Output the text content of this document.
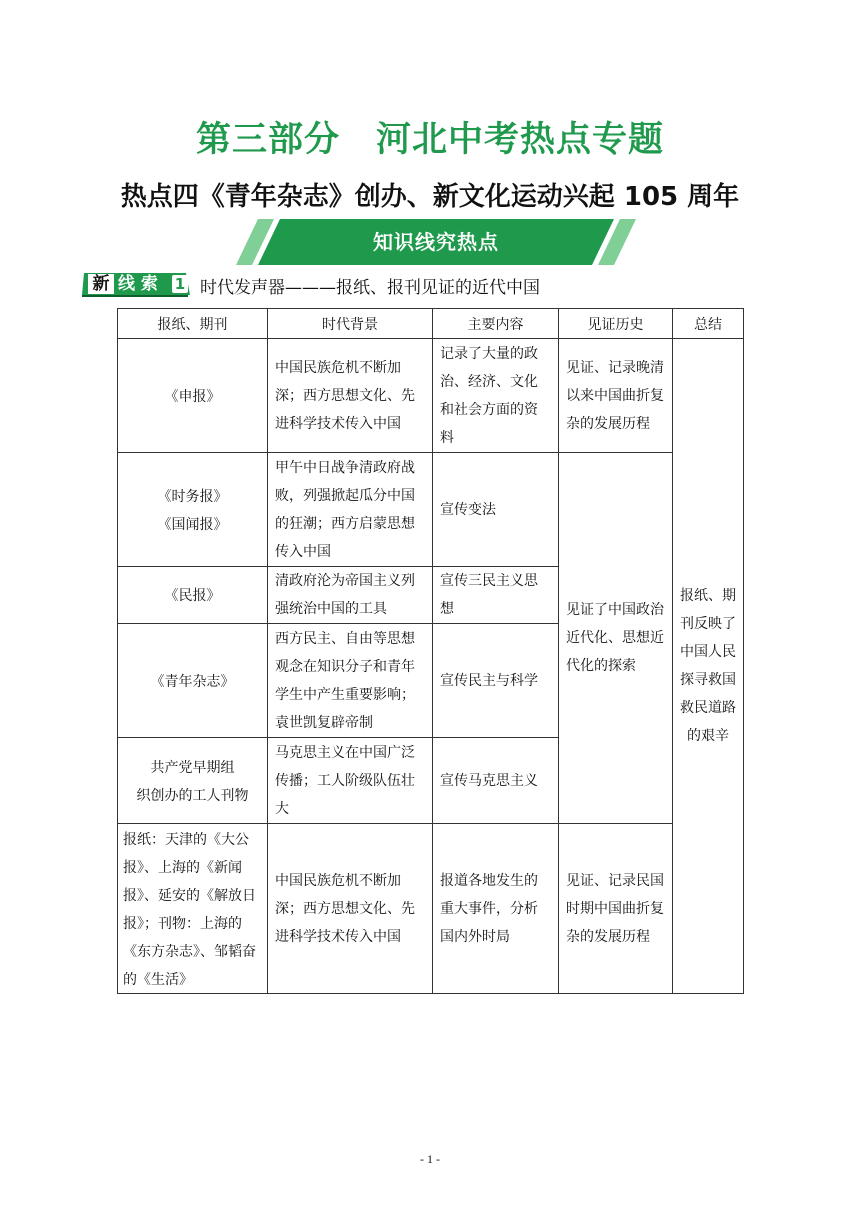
第三部分　河北中考热点专题
热点四《青年杂志》创办、新文化运动兴起 105 周年
知识线究热点
新 线 索 1 时代发声器———报纸、报刊见证的近代中国
报纸、期刊	时代背景	主要内容	见证历史	总结
《申报》	中国民族危机不断加深；西方思想文化、先进科学技术传入中国	记录了大量的政治、经济、文化和社会方面的资料	见证、记录晚清以来中国曲折复杂的发展历程	报纸、期刊反映了中国人民探寻救国救民道路的艰辛
《时务报》
《国闻报》	甲午中日战争清政府战败，列强掀起瓜分中国的狂潮；西方启蒙思想传入中国	宣传变法	见证了中国政治近代化、思想近代化的探索	
《民报》	清政府沦为帝国主义列强统治中国的工具	宣传三民主义思想		
《青年杂志》	西方民主、自由等思想观念在知识分子和青年学生中产生重要影响；袁世凯复辟帝制	宣传民主与科学		
共产党早期组
织创办的工人刊物	马克思主义在中国广泛传播；工人阶级队伍壮大	宣传马克思主义		
报纸：天津的《大公报》、上海的《新闻报》、延安的《解放日报》；刊物：上海的《东方杂志》、邹韬奋的《生活》	中国民族危机不断加深；西方思想文化、先进科学技术传入中国	报道各地发生的重大事件，分析国内外时局	见证、记录民国时期中国曲折复杂的发展历程	
- 1 -
